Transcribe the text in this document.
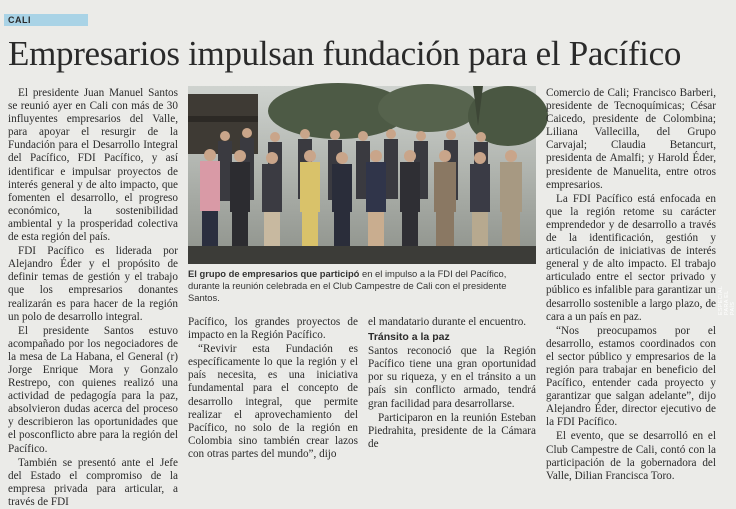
CALI
Empresarios impulsan fundación para el Pacífico

El presidente Juan Manuel Santos se reunió ayer en Cali con más de 30 influyentes empresarios del Valle, para apoyar el resurgir de la Fundación para el Desarrollo Integral del Pacífico, FDI Pacífico, y así identificar e impulsar proyectos de interés general y de alto impacto, que fomenten el desarrollo, el progreso económico, la sostenibilidad ambiental y la prosperidad colectiva de esta región del país.

FDI Pacífico es liderada por Alejandro Éder y el propósito de definir temas de gestión y el trabajo que los empresarios donantes realizarán es para hacer de la región un polo de desarrollo integral.

El presidente Santos estuvo acompañado por los negociadores de la mesa de La Habana, el General (r) Jorge Enrique Mora y Gonzalo Restrepo, con quienes realizó una actividad de pedagogía para la paz, absolvieron dudas acerca del proceso y describieron las oportunidades que el posconflicto abre para la región del Pacífico.

También se presentó ante el Jefe del Estado el compromiso de la empresa privada para articular, a través de FDI

ESPECIAL PARA EL PAÍS
El grupo de empresarios que participó en el impulso a la FDI del Pacífico, durante la reunión celebrada en el Club Campestre de Cali con el presidente Santos.

Pacífico, los grandes proyectos de impacto en la Región Pacífico.

“Revivir esta Fundación es específicamente lo que la región y el país necesita, es una iniciativa fundamental para el concepto de desarrollo integral, que permite realizar el aprovechamiento del Pacífico, no solo de la región en Colombia sino también crear lazos con otras partes del mundo”, dijo

el mandatario durante el encuentro.

Tránsito a la paz

Santos reconoció que la Región Pacífico tiene una gran oportunidad por su riqueza, y en el tránsito a un país sin conflicto armado, tendrá gran facilidad para desarrollarse.

Participaron en la reunión Esteban Piedrahita, presidente de la Cámara de

Comercio de Cali; Francisco Barberi, presidente de Tecnoquímicas; César Caicedo, presidente de Colombina; Liliana Vallecilla, del Grupo Carvajal; Claudia Betancurt, presidenta de Amalfi; y Harold Éder, presidente de Manuelita, entre otros empresarios.

La FDI Pacífico está enfocada en que la región retome su carácter emprendedor y de desarrollo a través de la identificación, gestión y articulación de iniciativas de interés general y de alto impacto. El trabajo articulado entre el sector privado y público es infalible para garantizar un desarrollo sostenible a largo plazo, de cara a un país en paz.

“Nos preocupamos por el desarrollo, estamos coordinados con el sector público y empresarios de la región para trabajar en beneficio del Pacífico, entender cada proyecto y garantizar que salgan adelante”, dijo Alejandro Éder, director ejecutivo de la FDI Pacífico.

El evento, que se desarrolló en el Club Campestre de Cali, contó con la participación de la gobernadora del Valle, Dilian Francisca Toro.
